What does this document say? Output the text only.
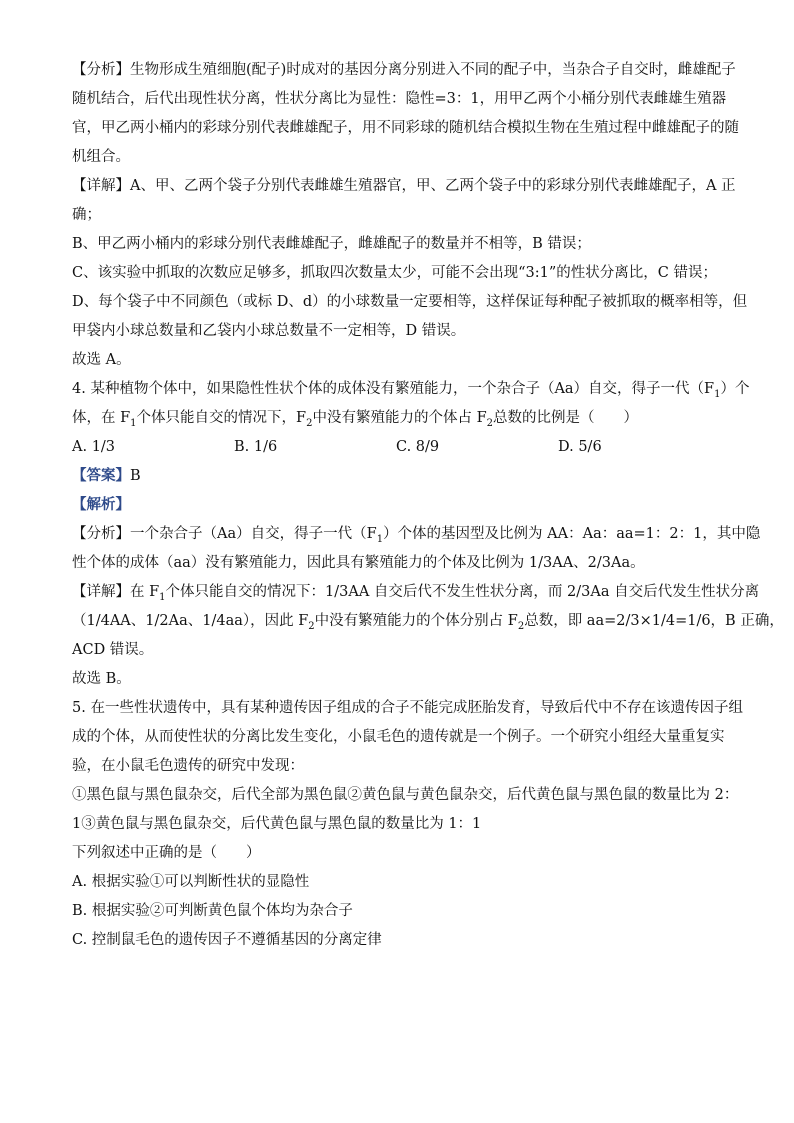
【分析】生物形成生殖细胞(配子)时成对的基因分离分别进入不同的配子中，当杂合子自交时，雌雄配子

随机结合，后代出现性状分离，性状分离比为显性：隐性=3：1，用甲乙两个小桶分别代表雌雄生殖器

官，甲乙两小桶内的彩球分别代表雌雄配子，用不同彩球的随机结合模拟生物在生殖过程中雌雄配子的随

机组合。

【详解】A、甲、乙两个袋子分别代表雌雄生殖器官，甲、乙两个袋子中的彩球分别代表雌雄配子，A 正

确；

B、甲乙两小桶内的彩球分别代表雌雄配子，雌雄配子的数量并不相等，B 错误；

C、该实验中抓取的次数应足够多，抓取四次数量太少，可能不会出现“3:1”的性状分离比，C 错误；

D、每个袋子中不同颜色（或标 D、d）的小球数量一定要相等，这样保证每种配子被抓取的概率相等，但

甲袋内小球总数量和乙袋内小球总数量不一定相等，D 错误。

故选 A。

4. 某种植物个体中，如果隐性性状个体的成体没有繁殖能力，一个杂合子（Aa）自交，得子一代$(F_1)$个

体，在 $F_1$个体只能自交的情况下，$F_2$中没有繁殖能力的个体占 $F_2$总数的比例是（　　）

A. 1/3	B. 1/6	C. 8/9	D. 5/6

【答案】B

【解析】

【分析】一个杂合子（Aa）自交，得子一代$(F_1)$个体的基因型及比例为 AA：Aa：aa=1：2：1，其中隐

性个体的成体（aa）没有繁殖能力，因此具有繁殖能力的个体及比例为 1/3AA、2/3Aa。

【详解】在 $F_1$个体只能自交的情况下：1/3AA 自交后代不发生性状分离，而 2/3Aa 自交后代发生性状分离

（1/4AA、1/2Aa、1/4aa），因此 $F_2$中没有繁殖能力的个体分别占 $F_2$总数，即 aa=2/3×1/4=1/6，B 正确，

ACD 错误。

故选 B。

5. 在一些性状遗传中，具有某种遗传因子组成的合子不能完成胚胎发育，导致后代中不存在该遗传因子组

成的个体，从而使性状的分离比发生变化，小鼠毛色的遗传就是一个例子。一个研究小组经大量重复实

验，在小鼠毛色遗传的研究中发现：

①黑色鼠与黑色鼠杂交，后代全部为黑色鼠②黄色鼠与黄色鼠杂交，后代黄色鼠与黑色鼠的数量比为 2：

1③黄色鼠与黑色鼠杂交，后代黄色鼠与黑色鼠的数量比为 1：1

下列叙述中正确的是（　　）

A. 根据实验①可以判断性状的显隐性

B. 根据实验②可判断黄色鼠个体均为杂合子

C. 控制鼠毛色的遗传因子不遵循基因的分离定律
